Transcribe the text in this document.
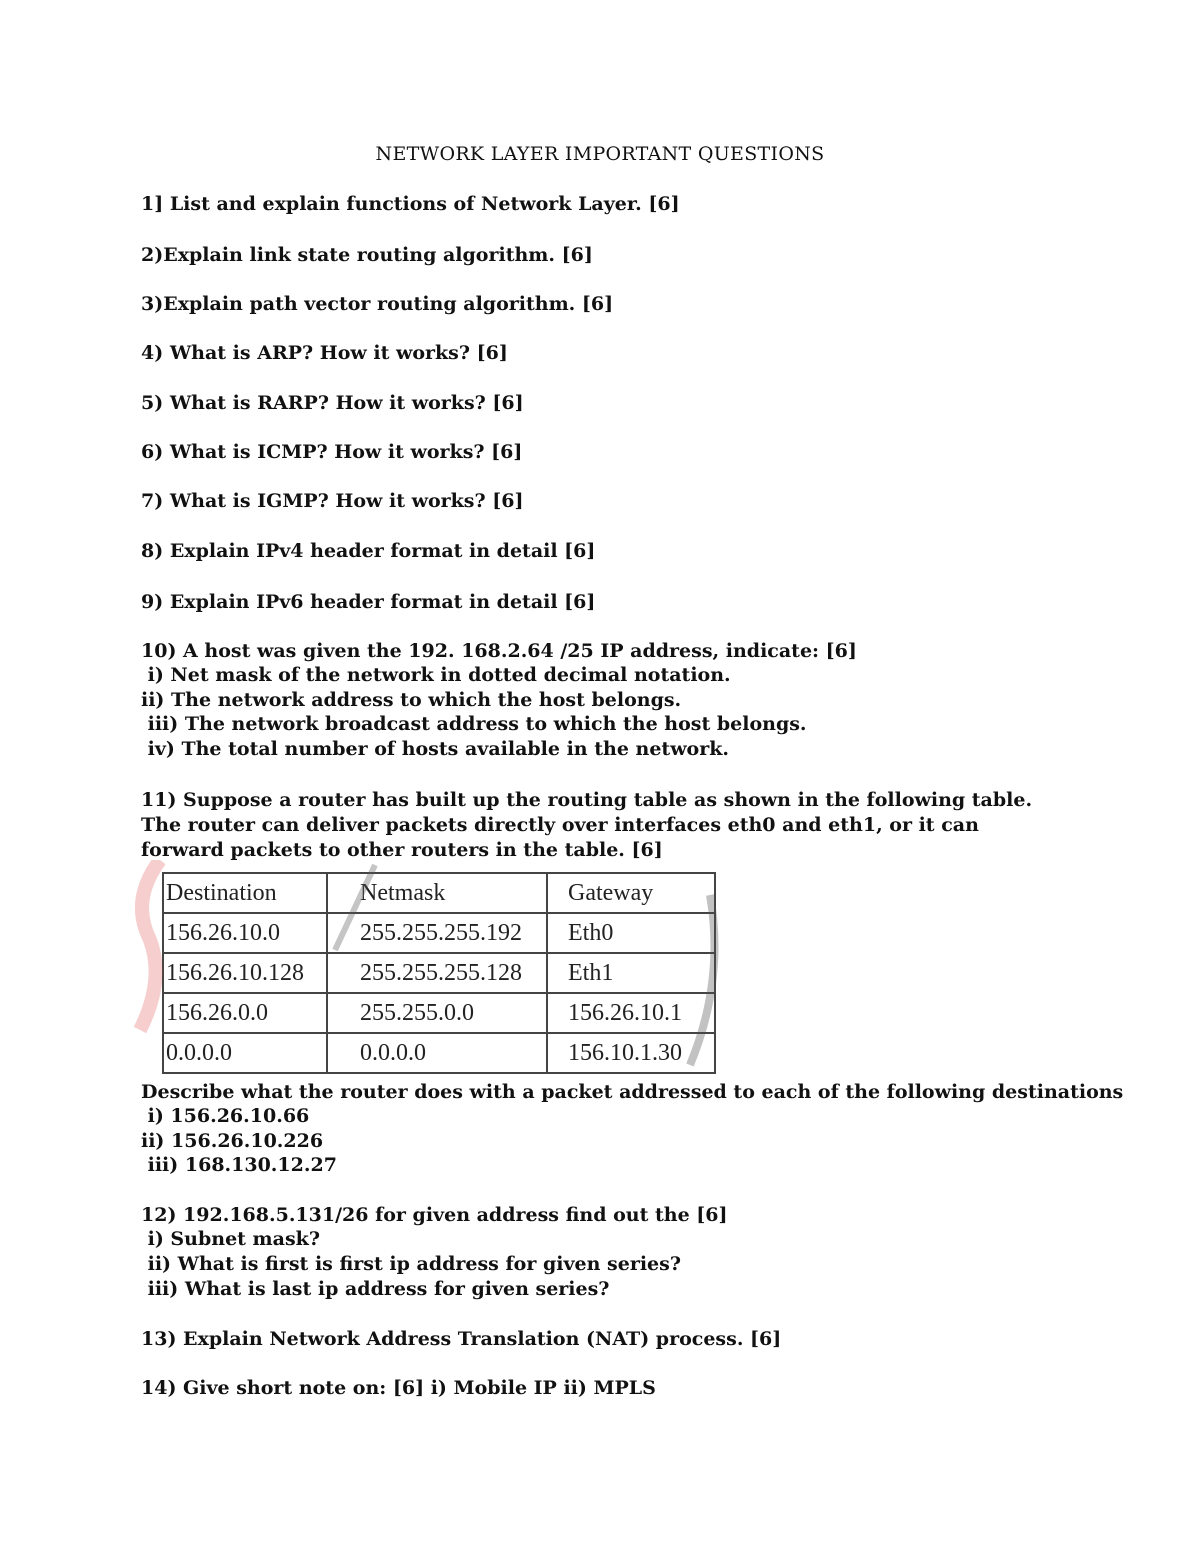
NETWORK LAYER IMPORTANT QUESTIONS
1] List and explain functions of Network Layer. [6]
2)Explain link state routing algorithm. [6]
3)Explain path vector routing algorithm. [6]
4) What is ARP? How it works? [6]
5) What is RARP? How it works? [6]
6) What is ICMP? How it works? [6]
7) What is IGMP? How it works? [6]
8) Explain IPv4 header format in detail [6]
9) Explain IPv6 header format in detail [6]
10) A host was given the 192. 168.2.64 /25 IP address, indicate: [6]
i) Net mask of the network in dotted decimal notation.
ii) The network address to which the host belongs.
iii) The network broadcast address to which the host belongs.
iv) The total number of hosts available in the network.
11) Suppose a router has built up the routing table as shown in the following table. The router can deliver packets directly over interfaces eth0 and eth1, or it can forward packets to other routers in the table. [6]
Destination	Netmask	Gateway
156.26.10.0	255.255.255.192	Eth0
156.26.10.128	255.255.255.128	Eth1
156.26.0.0	255.255.0.0	156.26.10.1
0.0.0.0	0.0.0.0	156.10.1.30
Describe what the router does with a packet addressed to each of the following destinations
i) 156.26.10.66
ii) 156.26.10.226
iii) 168.130.12.27
12) 192.168.5.131/26 for given address find out the [6]
i) Subnet mask?
ii) What is first is first ip address for given series?
iii) What is last ip address for given series?
13) Explain Network Address Translation (NAT) process. [6]
14) Give short note on: [6] i) Mobile IP ii) MPLS
